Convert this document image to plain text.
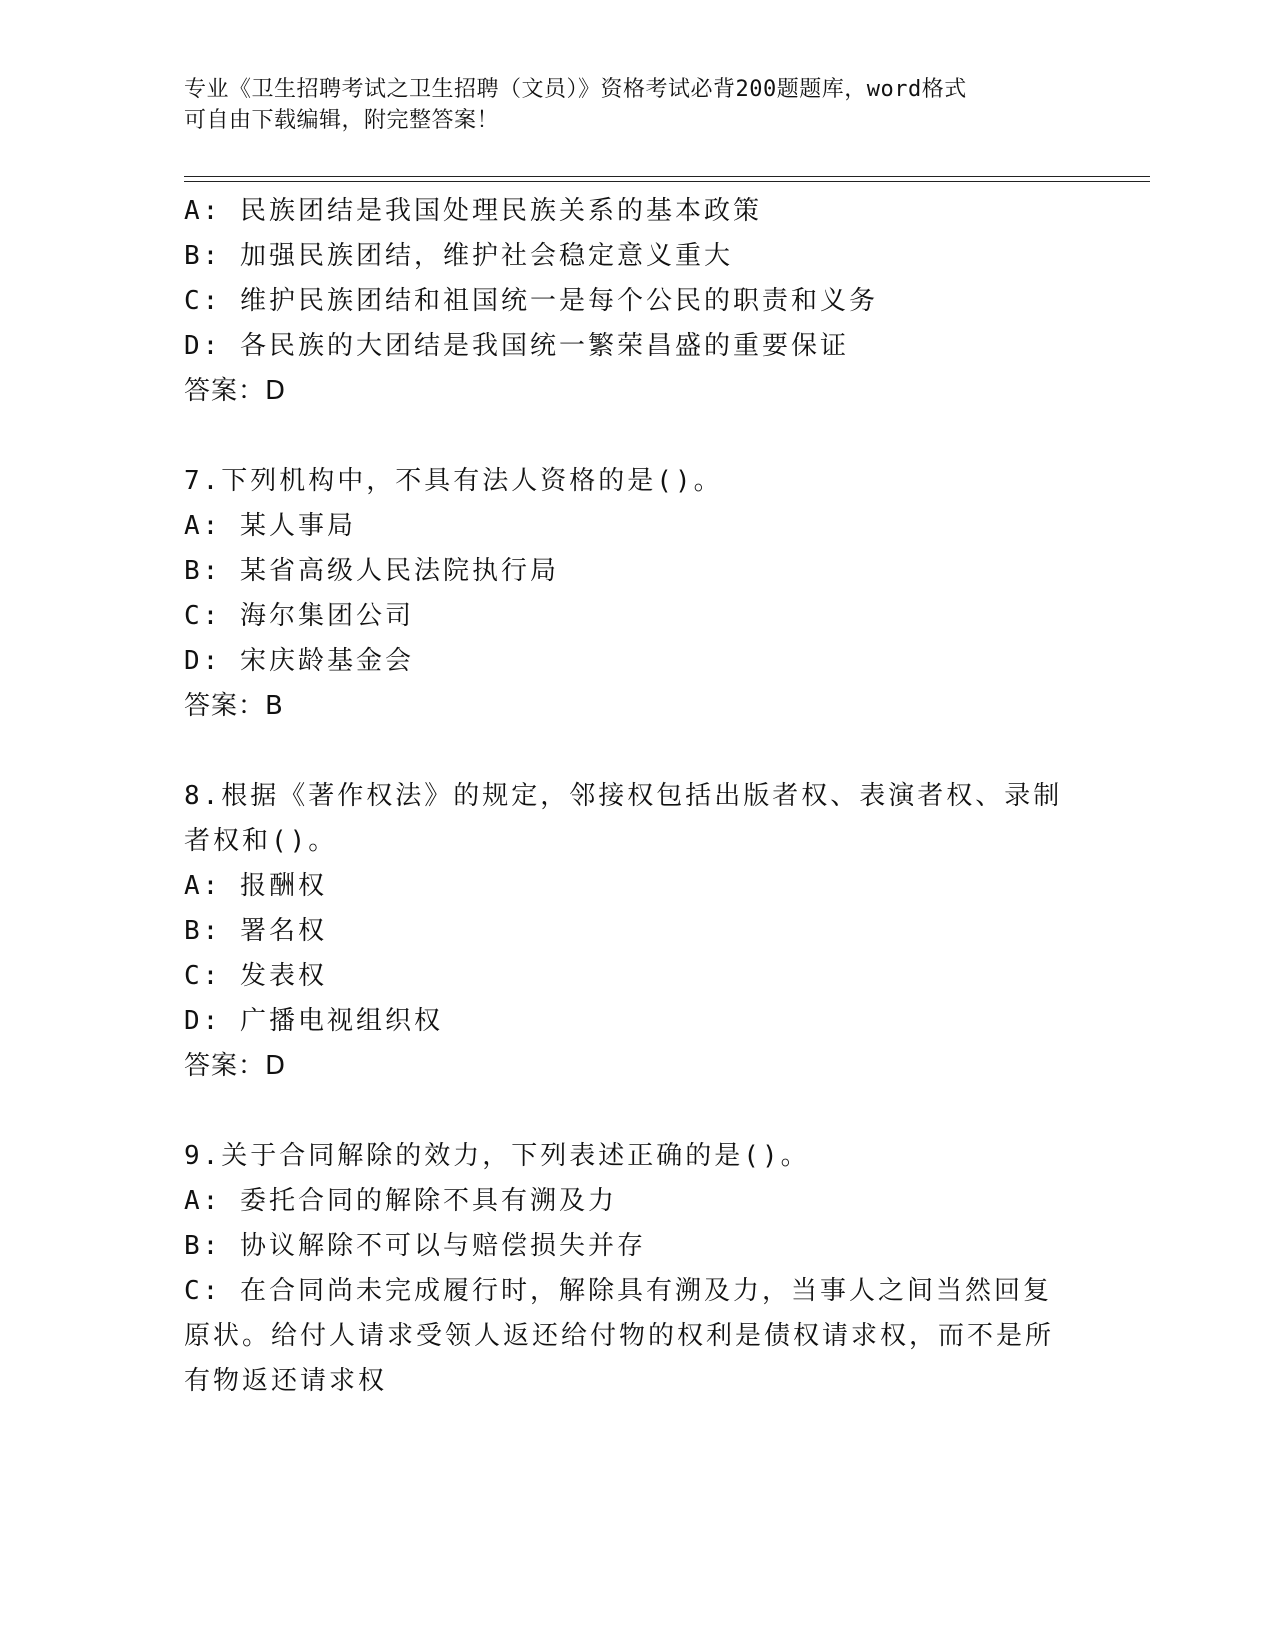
专业《卫生招聘考试之卫生招聘（文员）》资格考试必背200题题库，word格式
可自由下载编辑，附完整答案！
A: 民族团结是我国处理民族关系的基本政策
B: 加强民族团结，维护社会稳定意义重大
C: 维护民族团结和祖国统一是每个公民的职责和义务
D: 各民族的大团结是我国统一繁荣昌盛的重要保证
答案：D
7.下列机构中，不具有法人资格的是()。
A: 某人事局
B: 某省高级人民法院执行局
C: 海尔集团公司
D: 宋庆龄基金会
答案：B
8.根据《著作权法》的规定，邻接权包括出版者权、表演者权、录制者权和()。
A: 报酬权
B: 署名权
C: 发表权
D: 广播电视组织权
答案：D
9.关于合同解除的效力，下列表述正确的是()。
A: 委托合同的解除不具有溯及力
B: 协议解除不可以与赔偿损失并存
C: 在合同尚未完成履行时，解除具有溯及力，当事人之间当然回复原状。给付人请求受领人返还给付物的权利是债权请求权，而不是所有物返还请求权
